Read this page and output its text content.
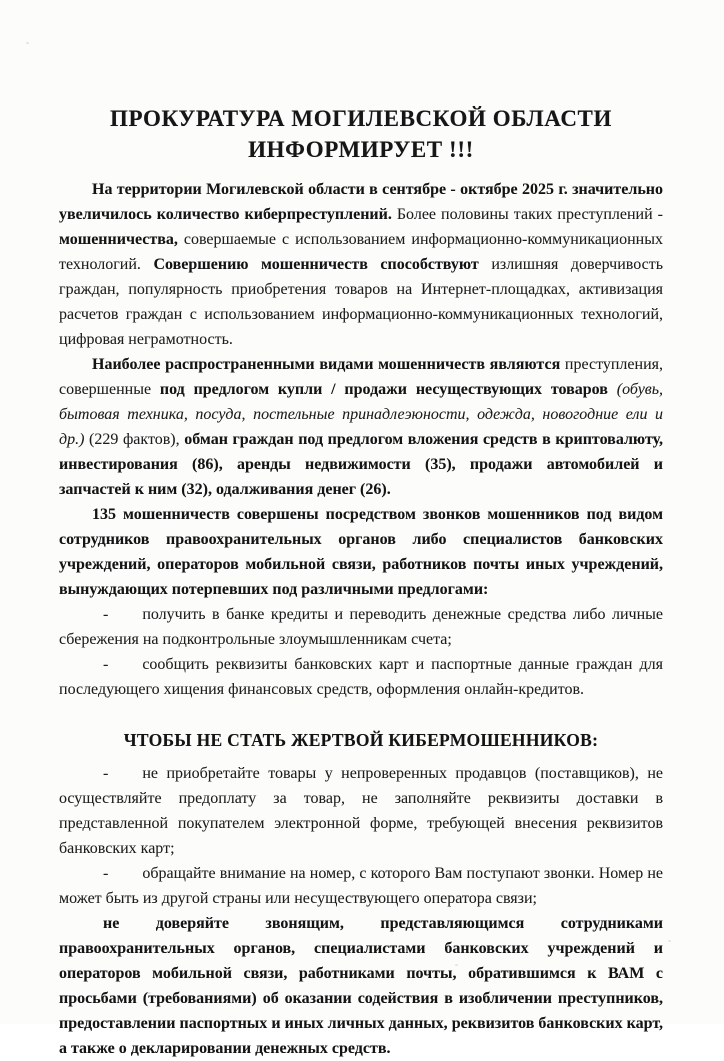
ПРОКУРАТУРА МОГИЛЕВСКОЙ ОБЛАСТИ
ИНФОРМИРУЕТ !!!

На территории Могилевской области в сентябре - октябре 2025 г. значительно увеличилось количество киберпреступлений. Более половины таких преступлений - мошенничества, совершаемые с использованием информационно-коммуникационных технологий. Совершению мошенничеств способствуют излишняя доверчивость граждан, популярность приобретения товаров на Интернет-площадках, активизация расчетов граждан с использованием информационно-коммуникационных технологий, цифровая неграмотность.

Наиболее распространенными видами мошенничеств являются преступления, совершенные под предлогом купли / продажи несуществующих товаров (обувь, бытовая техника, посуда, постельные принадлеэюности, одежда, новогодние ели и др.) (229 фактов), обман граждан под предлогом вложения средств в криптовалюту, инвестирования (86), аренды недвижимости (35), продажи автомобилей и запчастей к ним (32), одалживания денег (26).

135 мошенничеств совершены посредством звонков мошенников под видом сотрудников правоохранительных органов либо специалистов банковских учреждений, операторов мобильной связи, работников почты иных учреждений, вынуждающих потерпевших под различными предлогами:

- получить в банке кредиты и переводить денежные средства либо личные сбережения на подконтрольные злоумышленникам счета;

- сообщить реквизиты банковских карт и паспортные данные граждан для последующего хищения финансовых средств, оформления онлайн-кредитов.

ЧТОБЫ НЕ СТАТЬ ЖЕРТВОЙ КИБЕРМОШЕННИКОВ:

- не приобретайте товары у непроверенных продавцов (поставщиков), не осуществляйте предоплату за товар, не заполняйте реквизиты доставки в представленной покупателем электронной форме, требующей внесения реквизитов банковских карт;

- обращайте внимание на номер, с которого Вам поступают звонки. Номер не может быть из другой страны или несуществующего оператора связи;

не доверяйте звонящим, представляющимся сотрудниками правоохранительных органов, специалистами банковских учреждений и операторов мобильной связи, работниками почты, обратившимся к ВАМ с просьбами (требованиями) об оказании содействия в изобличении преступников, предоставлении паспортных и иных личных данных, реквизитов банковских карт, а также о декларировании денежных средств.
